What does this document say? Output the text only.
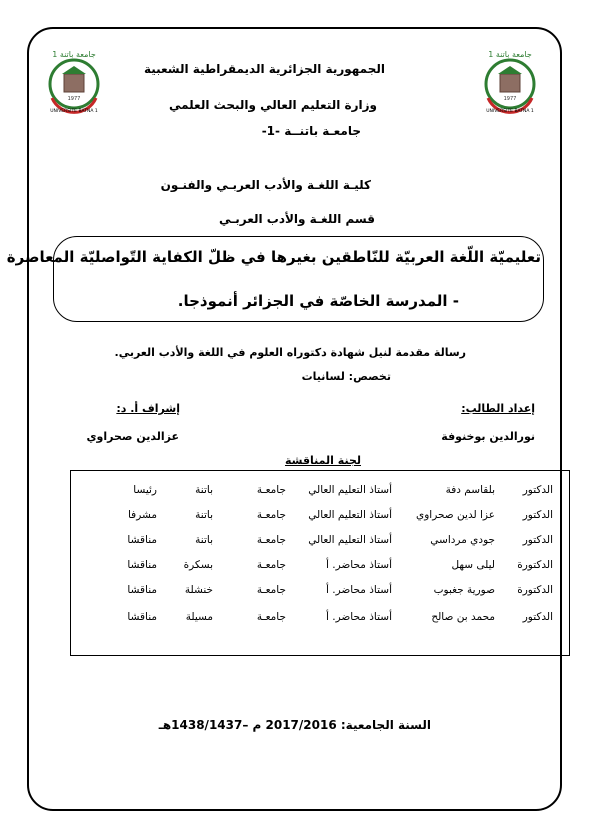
جامعة باتنة 1
1977
UNIVERSITE BATNA 1
جامعة باتنة 1
1977
UNIVERSITE BATNA 1
الجمهورية الجزائرية الديمقراطية الشعبية
وزارة التعليم العالي والبحث العلمي
جامعـة باتنــة -1-
كليـة اللغـة والأدب العربـي والفنـون
قسم اللغـة والأدب العربـي
تعليميّة اللّغة العربيّة للنّاطقين بغيرها في ظلّ الكفاية التّواصليّة المعاصرة
- المدرسة الخاصّة في الجزائر أنموذجا.
رسالة مقدمة لنيل شهادة دكتوراه العلوم في اللغة والأدب العربي.
تخصص: لسانيات
إعداد الطالب:
إشراف أ. د:
نورالدين بوخنوفة
عزالدين صحراوي
لجنة المناقشة
الدكتور
بلقاسم دفة
أستاذ التعليم العالي
جامعـة
باتنة
رئيسا
الدكتور
عزا لدين صحراوي
أستاذ التعليم العالي
جامعـة
باتنة
مشرفا
الدكتور
جودي مرداسي
أستاذ التعليم العالي
جامعـة
باتنة
مناقشا
الدكتورة
ليلى سهل
أستاذ محاضر. أ
جامعـة
بسكرة
مناقشا
الدكتورة
صورية جغبوب
أستاذ محاضر. أ
جامعـة
خنشلة
مناقشا
الدكتور
محمد بن صالح
أستاذ محاضر. أ
جامعـة
مسيلة
مناقشا
السنة الجامعية: 2017/2016 م –1438/1437هـ
